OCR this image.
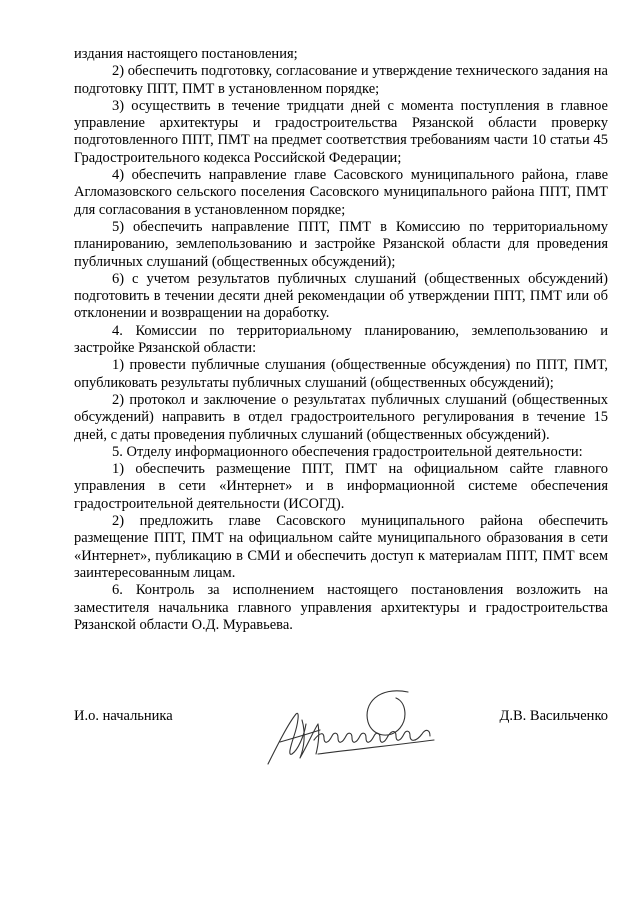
издания настоящего постановления;

2) обеспечить подготовку, согласование и утверждение технического задания на подготовку ППТ, ПМТ в установленном порядке;

3) осуществить в течение тридцати дней с момента поступления в главное управление архитектуры и градостроительства Рязанской области проверку подготовленного ППТ, ПМТ на предмет соответствия требованиям части 10 статьи 45 Градостроительного кодекса Российской Федерации;

4) обеспечить направление главе Сасовского муниципального района, главе Агломазовского сельского поселения Сасовского муниципального района ППТ, ПМТ для согласования в установленном порядке;

5) обеспечить направление ППТ, ПМТ в Комиссию по территориальному планированию, землепользованию и застройке Рязанской области для проведения публичных слушаний (общественных обсуждений);

6) с учетом результатов публичных слушаний (общественных обсуждений) подготовить в течении десяти дней рекомендации об утверждении ППТ, ПМТ или об отклонении и возвращении на доработку.

4. Комиссии по территориальному планированию, землепользованию и застройке Рязанской области:

1) провести публичные слушания (общественные обсуждения) по ППТ, ПМТ, опубликовать результаты публичных слушаний (общественных обсуждений);

2) протокол и заключение о результатах публичных слушаний (общественных обсуждений) направить в отдел градостроительного регулирования в течение 15 дней, с даты проведения публичных слушаний (общественных обсуждений).

5. Отделу информационного обеспечения градостроительной деятельности:

1) обеспечить размещение ППТ, ПМТ на официальном сайте главного управления в сети «Интернет» и в информационной системе обеспечения градостроительной деятельности (ИСОГД).

2) предложить главе Сасовского муниципального района обеспечить размещение ППТ, ПМТ на официальном сайте муниципального образования в сети «Интернет», публикацию в СМИ и обеспечить доступ к материалам ППТ, ПМТ всем заинтересованным лицам.

6. Контроль за исполнением настоящего постановления возложить на заместителя начальника главного управления архитектуры и градостроительства Рязанской области О.Д. Муравьева.

И.о. начальника	Д.В. Васильченко
